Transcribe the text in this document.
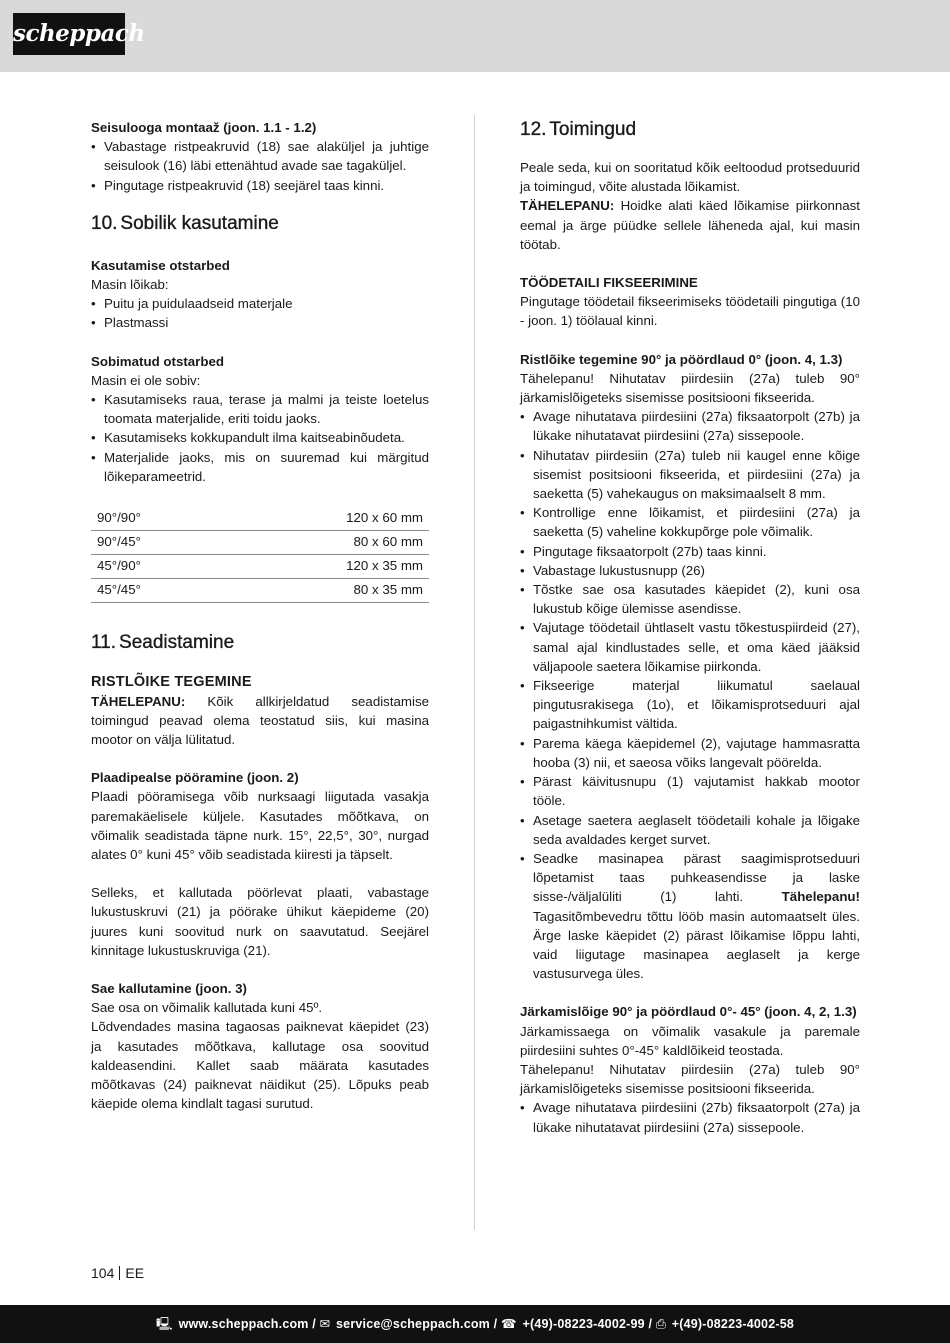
scheppach

Seisulooga montaaž (joon. 1.1 - 1.2)

• Vabastage ristpeakruvid (18) sae alaküljel ja juhtige seisulook (16) läbi ettenähtud avade sae tagaküljel.
• Pingutage ristpeakruvid (18) seejärel taas kinni.
10. Sobilik kasutamine

Kasutamise otstarbed

Masin lõikab:

• Puitu ja puidulaadseid materjale
• Plastmassi

Sobimatud otstarbed

Masin ei ole sobiv:

• Kasutamiseks raua, terase ja malmi ja teiste loetelus toomata materjalide, eriti toidu jaoks.
• Kasutamiseks kokkupandult ilma kaitseabinõudeta.
• Materjalide jaoks, mis on suuremad kui märgitud lõikeparameetrid.
90°/90°	120 x 60 mm
90°/45°	80 x 60 mm
45°/90°	120 x 35 mm
45°/45°	80 x 35 mm
11. Seadistamine
RISTLÕIKE TEGEMINE

TÄHELEPANU: Kõik allkirjeldatud seadistamise toimingud peavad olema teostatud siis, kui masina mootor on välja lülitatud.

Plaadipealse pööramine (joon. 2)

Plaadi pööramisega võib nurksaagi liigutada vasakja paremakäelisele küljele. Kasutades mõõtkava, on võimalik seadistada täpne nurk. 15°, 22,5°, 30°, nurgad alates 0° kuni 45° võib seadistada kiiresti ja täpselt.

Selleks, et kallutada pöörlevat plaati, vabastage lukustuskruvi (21) ja pöörake ühikut käepideme (20) juures kuni soovitud nurk on saavutatud. Seejärel kinnitage lukustuskruviga (21).

Sae kallutamine (joon. 3)

Sae osa on võimalik kallutada kuni 45º.

Lõdvendades masina tagaosas paiknevat käepidet (23) ja kasutades mõõtkava, kallutage osa soovitud kaldeasendini. Kallet saab määrata kasutades mõõtkavas (24) paiknevat näidikut (25). Lõpuks peab käepide olema kindlalt tagasi surutud.

12. Toimingud

Peale seda, kui on sooritatud kõik eeltoodud protseduurid ja toimingud, võite alustada lõikamist.

TÄHELEPANU: Hoidke alati käed lõikamise piirkonnast eemal ja ärge püüdke sellele läheneda ajal, kui masin töötab.

TÖÖDETAILI FIKSEERIMINE

Pingutage töödetail fikseerimiseks töödetaili pingutiga (10 - joon. 1) töölaual kinni.

Ristlõike tegemine 90° ja pöördlaud 0° (joon. 4, 1.3)

Tähelepanu! Nihutatav piirdesiin (27a) tuleb 90° järkamislõigeteks sisemisse positsiooni fikseerida.

• Avage nihutatava piirdesiini (27a) fiksaatorpolt (27b) ja lükake nihutatavat piirdesiini (27a) sissepoole.
• Nihutatav piirdesiin (27a) tuleb nii kaugel enne kõige sisemist positsiooni fikseerida, et piirdesiini (27a) ja saeketta (5) vahekaugus on maksimaalselt 8 mm.
• Kontrollige enne lõikamist, et piirdesiini (27a) ja saeketta (5) vaheline kokkupõrge pole võimalik.
• Pingutage fiksaatorpolt (27b) taas kinni.
• Vabastage lukustusnupp (26)
• Tõstke sae osa kasutades käepidet (2), kuni osa lukustub kõige ülemisse asendisse.
• Vajutage töödetail ühtlaselt vastu tõkestuspiirdeid (27), samal ajal kindlustades selle, et oma käed jääksid väljapoole saetera lõikamise piirkonda.
• Fikseerige materjal liikumatul saelaual pingutusrakisega (1o), et lõikamisprotseduuri ajal paigastnihkumist vältida.
• Parema käega käepidemel (2), vajutage hammasratta hooba (3) nii, et saeosa võiks langevalt pöörelda.
• Pärast käivitusnupu (1) vajutamist hakkab mootor tööle.
• Asetage saetera aeglaselt töödetaili kohale ja lõigake seda avaldades kerget survet.
• Seadke masinapea pärast saagimisprotseduuri lõpetamist taas puhkeasendisse ja laske sisse-/väljalüliti (1) lahti. Tähelepanu! Tagasitõmbevedru tõttu lööb masin automaatselt üles. Ärge laske käepidet (2) pärast lõikamise lõppu lahti, vaid liigutage masinapea aeglaselt ja kerge vastusurvega üles.

Järkamislõige 90° ja pöördlaud 0°- 45° (joon. 4, 2, 1.3)

Järkamissaega on võimalik vasakule ja paremale piirdesiini suhtes 0°-45° kaldlõikeid teostada.

Tähelepanu! Nihutatav piirdesiin (27a) tuleb 90° järkamislõigeteks sisemisse positsiooni fikseerida.

• Avage nihutatava piirdesiini (27b) fiksaatorpolt (27a) ja lükake nihutatavat piirdesiini (27a) sissepoole.
104 EE
🖳 www.scheppach.com / ✉ service@scheppach.com / ☎ +(49)-08223-4002-99 / ⎙ +(49)-08223-4002-58
